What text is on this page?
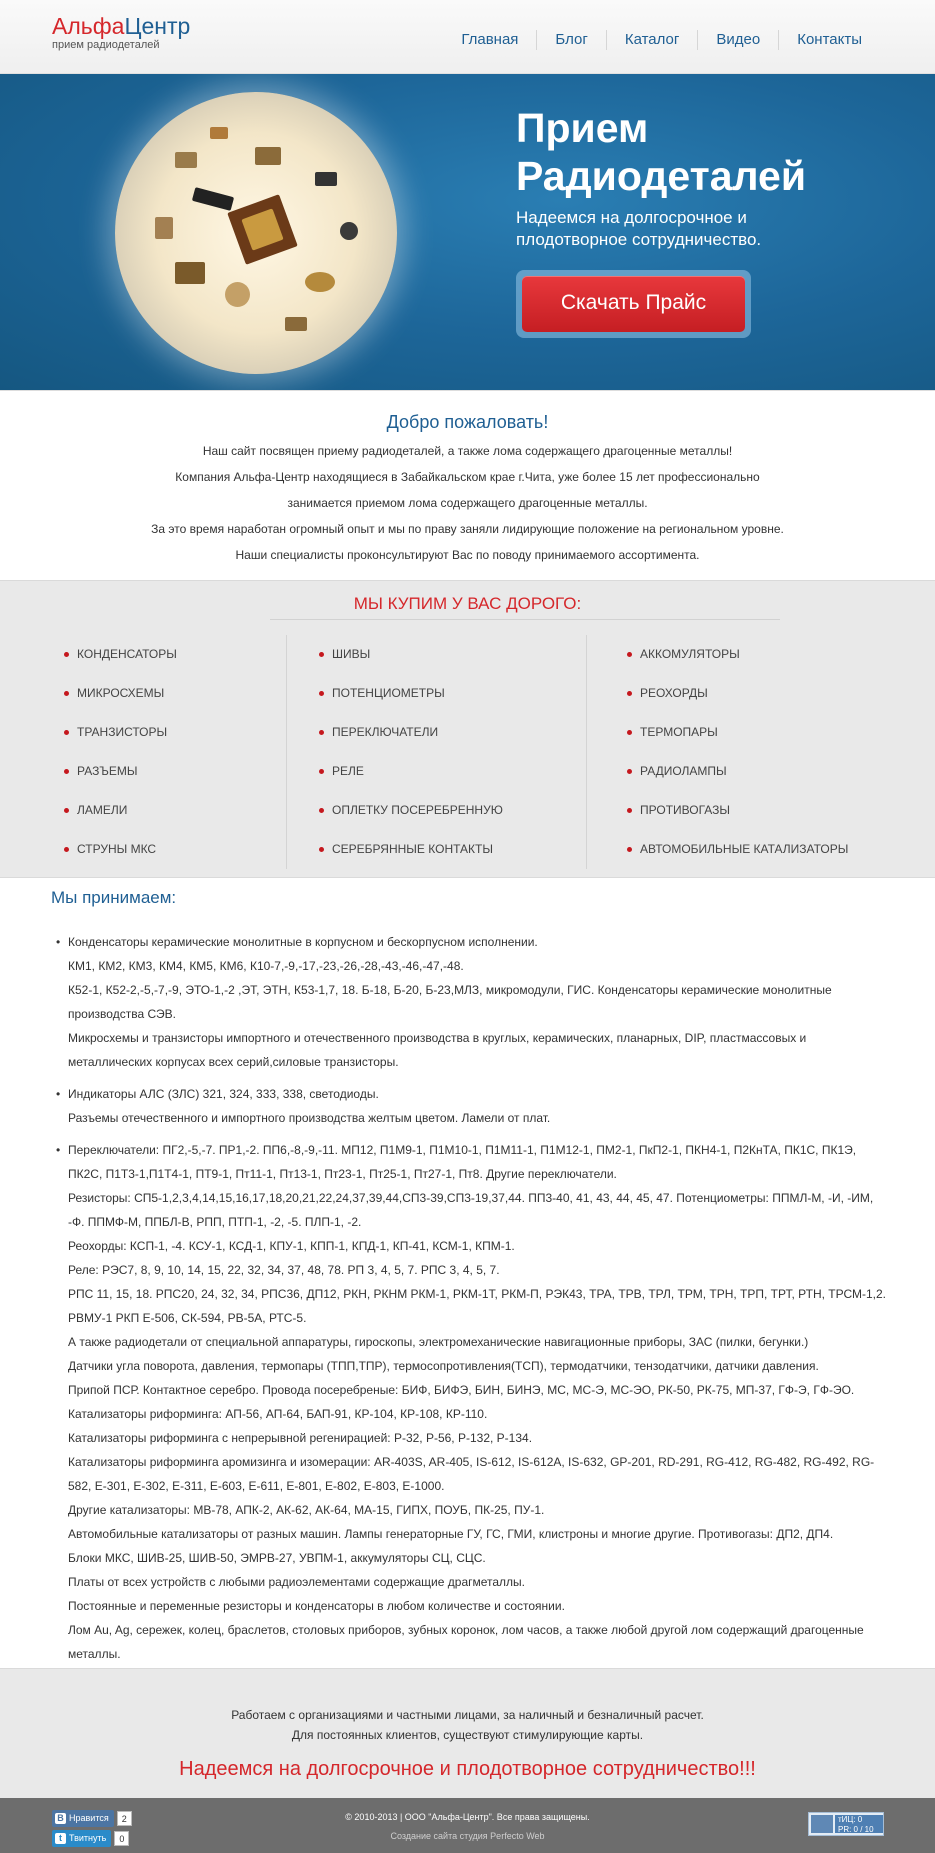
АльфаЦентр
прием радиодеталей	Главная	Блог	Каталог	Видео	Контакты
Прием
Радиодеталей
Надеемся на долгосрочное и
плодотворное сотрудничество.
Скачать Прайс
Добро пожаловать!

Наш сайт посвящен приему радиодеталей, а также лома содержащего драгоценные металлы!

Компания Альфа-Центр находящиеся в Забайкальском крае г.Чита, уже более 15 лет профессионально

занимается приемом лома содержащего драгоценные металлы.

За это время наработан огромный опыт и мы по праву заняли лидирующие положение на региональном уровне.

Наши специалисты проконсультируют Вас по поводу принимаемого ассортимента.

МЫ КУПИМ У ВАС ДОРОГО:
КОНДЕНСАТОРЫ
МИКРОСХЕМЫ
ТРАНЗИСТОРЫ
РАЗЪЕМЫ
ЛАМЕЛИ
СТРУНЫ МКС
ШИВЫ
ПОТЕНЦИОМЕТРЫ
ПЕРЕКЛЮЧАТЕЛИ
РЕЛЕ
ОПЛЕТКУ ПОСЕРЕБРЕННУЮ
СЕРЕБРЯННЫЕ КОНТАКТЫ
АККОМУЛЯТОРЫ
РЕОХОРДЫ
ТЕРМОПАРЫ
РАДИОЛАМПЫ
ПРОТИВОГАЗЫ
АВТОМОБИЛЬНЫЕ КАТАЛИЗАТОРЫ
Мы принимаем:

• Конденсаторы керамические монолитные в корпусном и бескорпусном исполнении.

КМ1, КМ2, КМ3, КМ4, КМ5, КМ6, К10-7,-9,-17,-23,-26,-28,-43,-46,-47,-48.

К52-1, К52-2,-5,-7,-9, ЭТО-1,-2 ,ЭТ, ЭТН, К53-1,7, 18. Б-18, Б-20, Б-23,МЛЗ, микромодули, ГИС. Конденсаторы керамические монолитные производства СЭВ.

Микросхемы и транзисторы импортного и отечественного производства в круглых, керамических, планарных, DIP, пластмассовых и металлических корпусах всех серий,силовые транзисторы.

• Индикаторы АЛС (ЗЛС) 321, 324, 333, 338, светодиоды.

Разъемы отечественного и импортного производства желтым цветом. Ламели от плат.

• Переключатели: ПГ2,-5,-7. ПР1,-2. ПП6,-8,-9,-11. МП12, П1М9-1, П1М10-1, П1М11-1, П1М12-1, ПМ2-1, ПкП2-1, ПКН4-1, П2КнТА, ПК1С, ПК1Э, ПК2С, П1Т3-1,П1Т4-1, ПТ9-1, Пт11-1, Пт13-1, Пт23-1, Пт25-1, Пт27-1, Пт8. Другие переключатели.

Резисторы: СП5-1,2,3,4,14,15,16,17,18,20,21,22,24,37,39,44,СП3-39,СП3-19,37,44. ПП3-40, 41, 43, 44, 45, 47. Потенциометры: ППМЛ-М, -И, -ИМ, -Ф. ППМФ-М, ППБЛ-В, РПП, ПТП-1, -2, -5. ПЛП-1, -2.

Реохорды: КСП-1, -4. КСУ-1, КСД-1, КПУ-1, КПП-1, КПД-1, КП-41, КСМ-1, КПМ-1.

Реле: РЭС7, 8, 9, 10, 14, 15, 22, 32, 34, 37, 48, 78. РП 3, 4, 5, 7. РПС 3, 4, 5, 7.

РПС 11, 15, 18. РПС20, 24, 32, 34, РПС36, ДП12, РКН, РКНМ РКМ-1, РКМ-1Т, РКМ-П, РЭК43, ТРА, ТРВ, ТРЛ, ТРМ, ТРН, ТРП, ТРТ, РТН, ТРСМ-1,2. РВМУ-1 РКП Е-506, СК-594, РВ-5А, РТС-5.

А также радиодетали от специальной аппаратуры, гироскопы, электромеханические навигационные приборы, ЗАС (пилки, бегунки.)

Датчики угла поворота, давления, термопары (ТПП,ТПР), термосопротивления(ТСП), термодатчики, тензодатчики, датчики давления.

Припой ПСР. Контактное серебро. Провода посеребреные: БИФ, БИФЭ, БИН, БИНЭ, МС, МС-Э, МС-ЭО, РК-50, РК-75, МП-37, ГФ-Э, ГФ-ЭО.

Катализаторы риформинга: АП-56, АП-64, БАП-91, КР-104, КР-108, КР-110.

Катализаторы риформинга с непрерывной регенирацией: Р-32, Р-56, Р-132, Р-134.

Катализаторы риформинга аромизинга и изомерации: AR-403S, AR-405, IS-612, IS-612A, IS-632, GP-201, RD-291, RG-412, RG-482, RG-492, RG-582, E-301, E-302, E-311, E-603, E-611, E-801, E-802, E-803, E-1000.

Другие катализаторы: МВ-78, АПК-2, АК-62, АК-64, МА-15, ГИПХ, ПОУБ, ПК-25, ПУ-1.

Автомобильные катализаторы от разных машин. Лампы генераторные ГУ, ГС, ГМИ, клистроны и многие другие. Противогазы: ДП2, ДП4.

Блоки МКС, ШИВ-25, ШИВ-50, ЭМРВ-27, УВПМ-1, аккумуляторы СЦ, СЦС.

Платы от всех устройств с любыми радиоэлементами содержащие драгметаллы.

Постоянные и переменные резисторы и конденсаторы в любом количестве и состоянии.

Лом Au, Ag, сережек, колец, браслетов, столовых приборов, зубных коронок, лом часов, а также любой другой лом содержащий драгоценные металлы.

Работаем с организациями и частными лицами, за наличный и безналичный расчет.

Для постоянных клиентов, существуют стимулирующие карты.

Надеемся на долгосрочное и плодотворное сотрудничество!!!
В Нравится 2
t Твитнуть 0
© 2010-2013 | ООО "Альфа-Центр". Все права защищены.
Создание сайта студия Perfecto Web
тИЦ: 0
PR: 0 / 10
